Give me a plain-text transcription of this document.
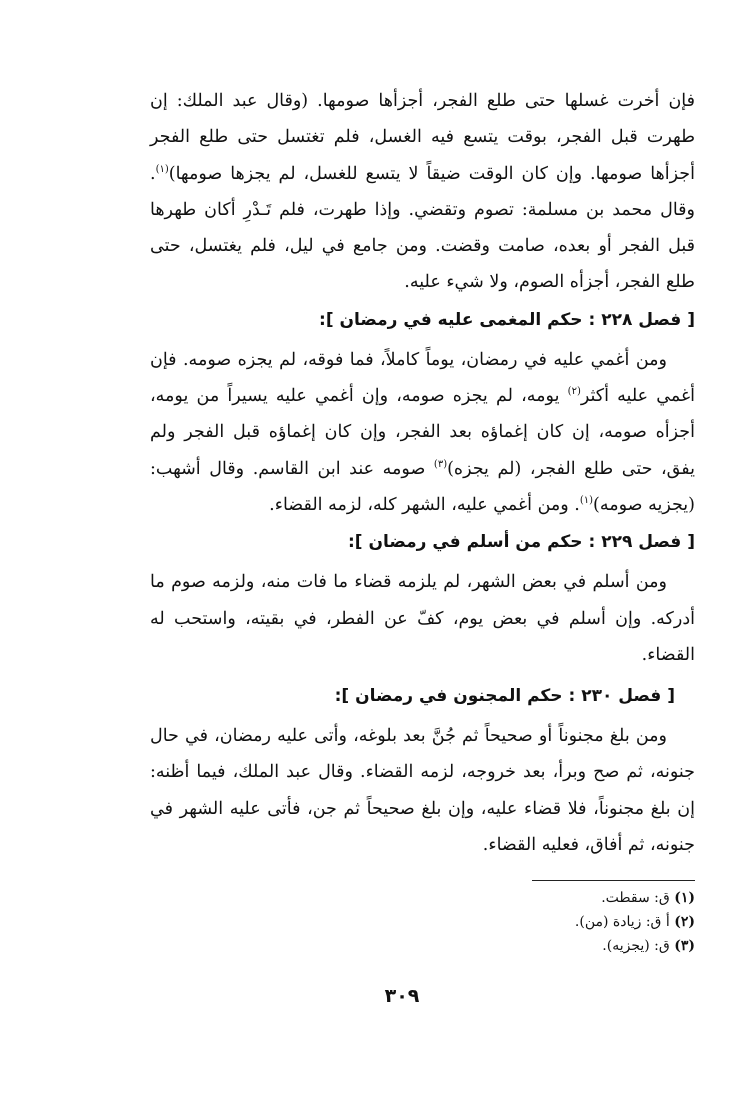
فإن أخرت غسلها حتى طلع الفجر، أجزأها صومها. (وقال عبد الملك: إن طهرت قبل الفجر، بوقت يتسع فيه الغسل، فلم تغتسل حتى طلع الفجر أجزأها صومها. وإن كان الوقت ضيقاً لا يتسع للغسل، لم يجزها صومها)$^{(١)}$. وقال محمد بن مسلمة: تصوم وتقضي. وإذا طهرت، فلم تَـدْرِ أكان طهرها قبل الفجر أو بعده، صامت وقضت. ومن جامع في ليل، فلم يغتسل، حتى طلع الفجر، أجزأه الصوم، ولا شيء عليه.

[ فصل ٢٢٨ : حكم المغمى عليه في رمضان ]:

ومن أغمي عليه في رمضان، يوماً كاملاً، فما فوقه، لم يجزه صومه. فإن أغمي عليه أكثر$^{(٢)}$ يومه، لم يجزه صومه، وإن أغمي عليه يسيراً من يومه، أجزأه صومه، إن كان إغماؤه بعد الفجر، وإن كان إغماؤه قبل الفجر ولم يفق، حتى طلع الفجر، (لم يجزه)$^{(٣)}$ صومه عند ابن القاسم. وقال أشهب: (يجزيه صومه)$^{(١)}$. ومن أغمي عليه، الشهر كله، لزمه القضاء.

[ فصل ٢٢٩ : حكم من أسلم في رمضان ]:

ومن أسلم في بعض الشهر، لم يلزمه قضاء ما فات منه، ولزمه صوم ما أدركه. وإن أسلم في بعض يوم، كفّ عن الفطر، في بقيته، واستحب له القضاء.

[ فصل ٢٣٠ : حكم المجنون في رمضان ]:

ومن بلغ مجنوناً أو صحيحاً ثم جُنَّ بعد بلوغه، وأتى عليه رمضان، في حال جنونه، ثم صح وبرأ، بعد خروجه، لزمه القضاء. وقال عبد الملك، فيما أظنه: إن بلغ مجنوناً، فلا قضاء عليه، وإن بلغ صحيحاً ثم جن، فأتى عليه الشهر في جنونه، ثم أفاق، فعليه القضاء.

(١) ق: سقطت.
(٢) أ ق: زيادة (من).
(٣) ق: (يجزيه).
٣٠٩
